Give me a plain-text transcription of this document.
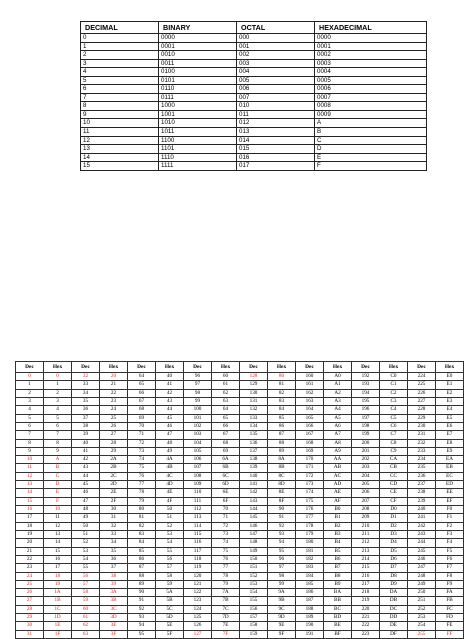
DECIMAL	BINARY	OCTAL	HEXADECIMAL
0	0000	000	0000
1	0001	001	0001
2	0010	002	0002
3	0011	003	0003
4	0100	004	0004
5	0101	005	0005
6	0110	006	0006
7	0111	007	0007
8	1000	010	0008
9	1001	011	0009
10	1010	012	A
11	1011	013	B
12	1100	014	C
13	1101	015	D
14	1110	016	E
15	1111	017	F
Dec	Hex	Dec	Hex	Dec	Hex	Dec	Hex	Dec	Hex	Dec	Hex	Dec	Hex	Dec	Hex
0	0	32	20	64	40	96	60	128	80	160	A0	192	C0	224	E0
1	1	33	21	65	41	97	61	129	81	161	A1	193	C1	225	E1
2	2	34	22	66	42	98	62	130	82	162	A2	194	C2	226	E2
3	3	35	23	67	43	99	63	131	83	163	A3	195	C3	227	E3
4	4	36	24	68	44	100	64	132	84	164	A4	196	C4	228	E4
5	5	37	25	69	45	101	65	133	85	165	A5	197	C5	229	E5
6	6	38	26	70	46	102	66	134	86	166	A6	198	C6	230	E6
7	7	39	27	71	47	103	67	135	87	167	A7	199	C7	231	E7
8	8	40	28	72	48	104	68	136	88	168	A8	200	C8	232	E8
9	9	41	29	73	49	105	69	137	89	169	A9	201	C9	233	E9
10	A	42	2A	74	4A	106	6A	138	8A	170	AA	202	CA	234	EA
11	B	43	2B	75	4B	107	6B	139	8B	171	AB	203	CB	235	EB
12	C	44	2C	76	4C	108	6C	140	8C	172	AC	204	CC	236	EC
13	D	45	2D	77	4D	109	6D	141	8D	173	AD	205	CD	237	ED
14	E	46	2E	78	4E	110	6E	142	8E	174	AE	206	CE	238	EE
15	F	47	2F	79	4F	111	6F	143	8F	175	AF	207	CF	239	EF
16	10	48	30	80	50	112	70	144	90	176	B0	208	D0	240	F0
17	11	49	31	81	51	113	71	145	91	177	B1	209	D1	241	F1
18	12	50	32	82	52	114	72	146	92	178	B2	210	D2	242	F2
19	13	51	33	83	53	115	73	147	93	179	B3	211	D3	243	F3
20	14	52	34	84	54	116	74	148	94	180	B4	212	D4	244	F4
21	15	53	35	85	55	117	75	149	95	181	B5	213	D5	245	F5
22	16	54	36	86	56	118	76	150	96	182	B6	214	D6	246	F6
23	17	55	37	87	57	119	77	151	97	183	B7	215	D7	247	F7
24	18	56	38	88	58	120	78	152	98	184	B8	216	D8	248	F8
25	19	57	39	89	59	121	79	153	99	185	B9	217	D9	249	F9
26	1A	58	3A	90	5A	122	7A	154	9A	186	BA	218	DA	250	FA
27	1B	59	3B	91	5B	123	7B	155	9B	187	BB	219	DB	251	FB
28	1C	60	3C	92	5C	124	7C	156	9C	188	BC	220	DC	252	FC
29	1D	61	3D	93	5D	125	7D	157	9D	189	BD	221	DD	253	FD
30	1E	62	3E	94	5E	126	7E	158	9E	190	BE	222	DE	254	FE
31	1F	63	3F	95	5F	127	7F	159	9F	191	BF	223	DF	255	FF
